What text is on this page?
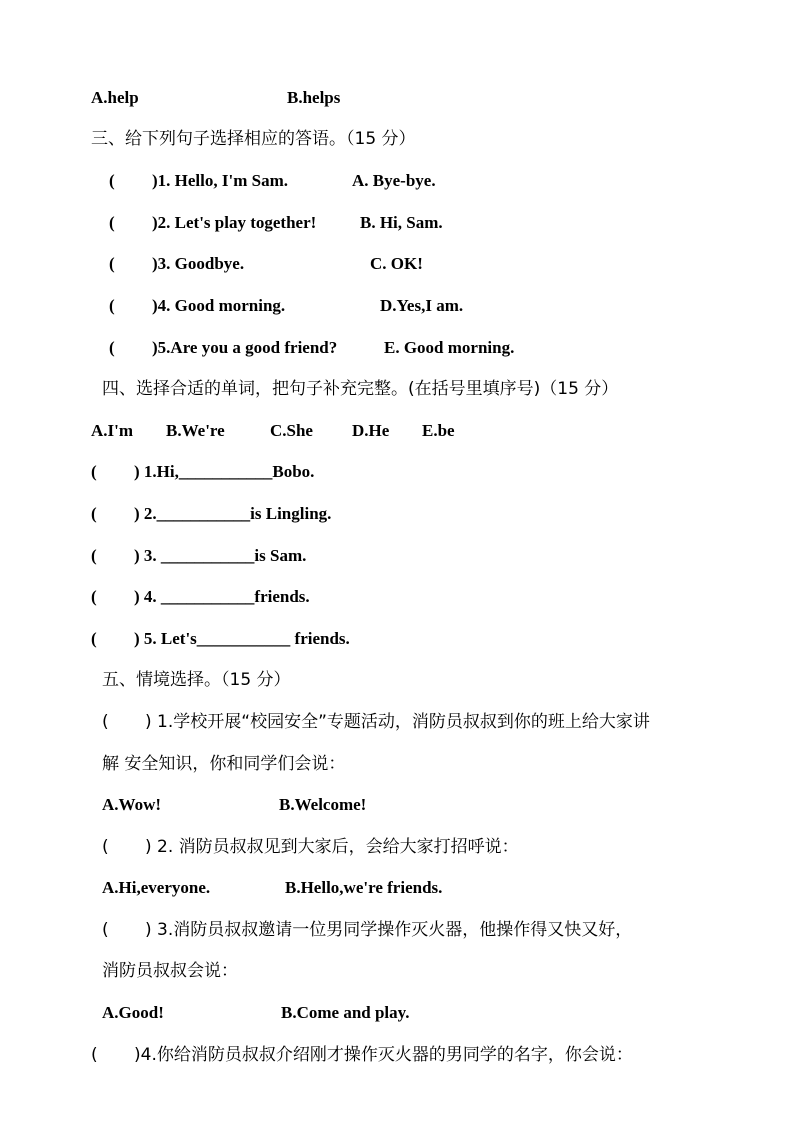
A.help	B.helps
三、给下列句子选择相应的答语。（15 分）
( )1. Hello, I'm Sam.	A. Bye-bye.
( )2. Let's play together!	B. Hi, Sam.
( )3. Goodbye.	C. OK!
( )4. Good morning.	D.Yes,I am.
( )5.Are you a good friend?	E. Good morning.
四、选择合适的单词，把句子补充完整。(在括号里填序号)（15 分）
A.I'm B.We're	C.She D.He E.be
( ) 1.Hi,___________Bobo.
( ) 2.___________is Lingling.
( ) 3. ___________is Sam.
( ) 4. ___________friends.
( ) 5. Let's___________ friends.
五、情境选择。（15 分）
( ) 1.学校开展“校园安全”专题活动，消防员叔叔到你的班上给大家讲
解 安全知识，你和同学们会说：
A.Wow!	B.Welcome!
( ) 2. 消防员叔叔见到大家后，会给大家打招呼说：
A.Hi,everyone.	B.Hello,we're friends.
( ) 3.消防员叔叔邀请一位男同学操作灭火器，他操作得又快又好，
消防员叔叔会说：
A.Good!	B.Come and play.
( )4.你给消防员叔叔介绍刚才操作灭火器的男同学的名字，你会说：
